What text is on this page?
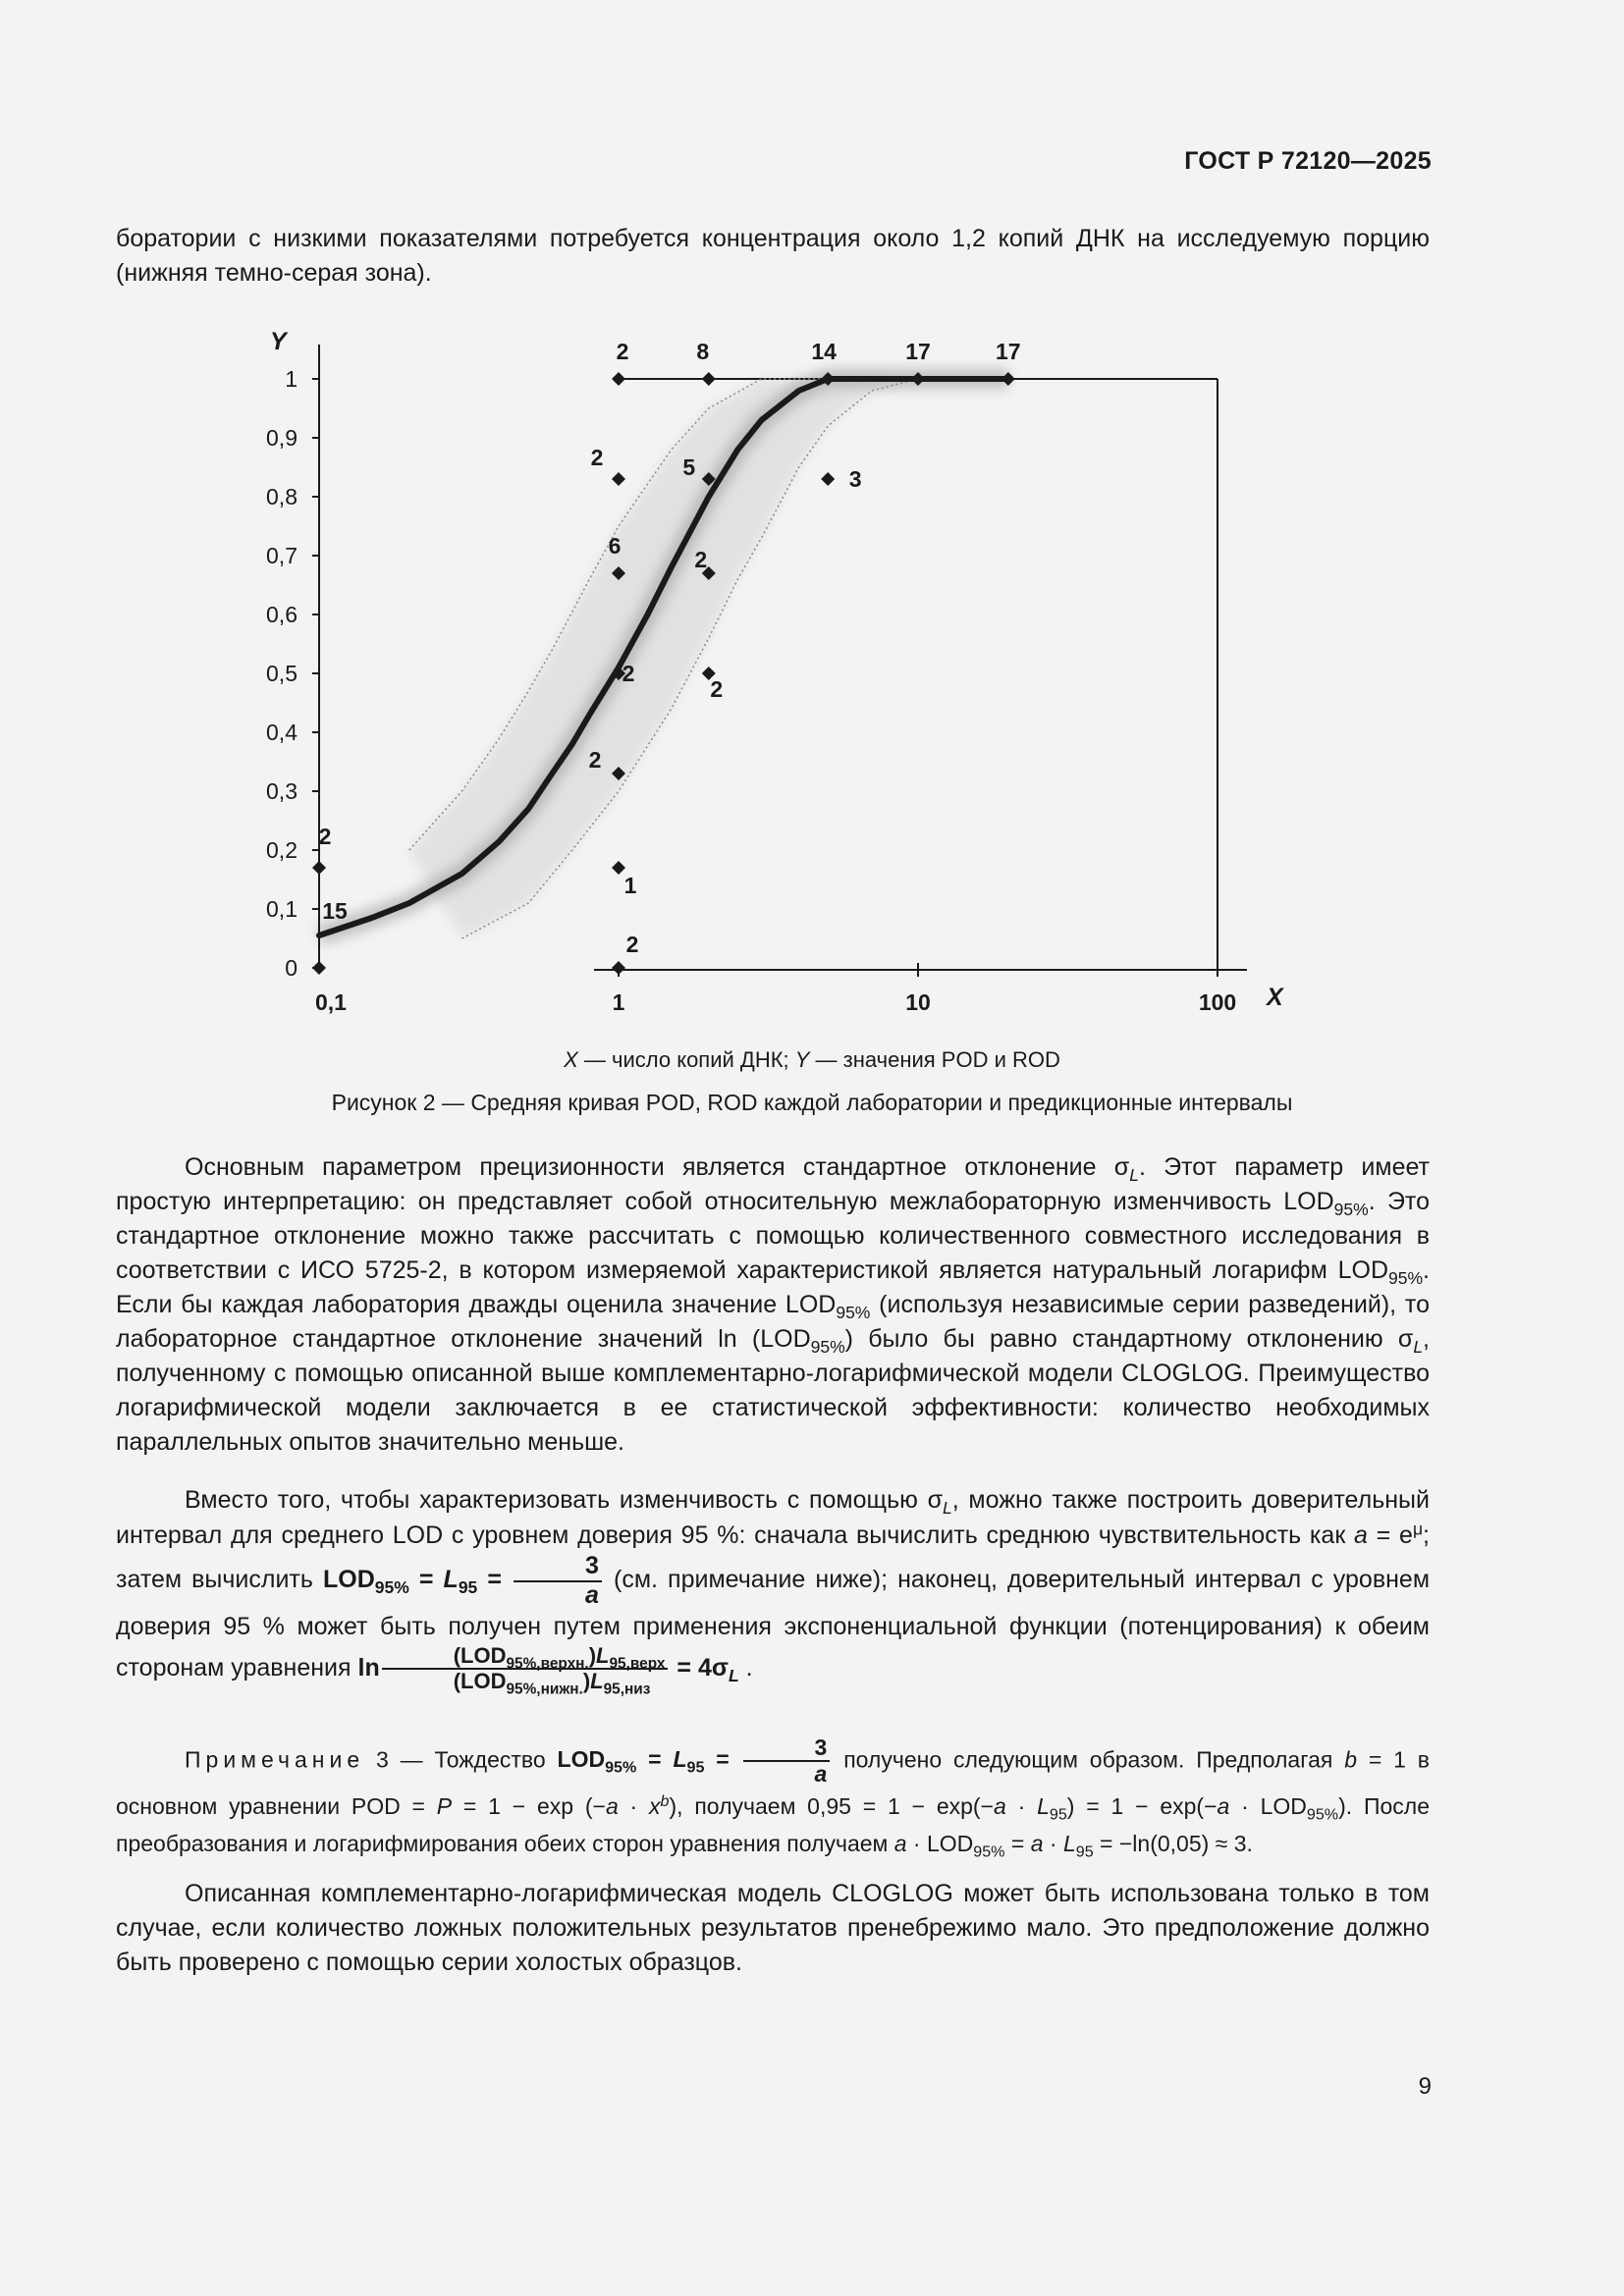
ГОСТ Р 72120—2025
боратории с низкими показателями потребуется концентрация около 1,2 копий ДНК на исследуемую порцию (нижняя темно-серая зона).
0
0,1
0,2
0,3
0,4
0,5
0,6
0,7
0,8
0,9
1
0,1	1	10	100
Y
X
15
2
2
1
2
2
6
2
2
2
2
5
8
3
14	17	17
X — число копий ДНК; Y — значения POD и ROD
Рисунок 2 — Средняя кривая POD, ROD каждой лаборатории и предикционные интервалы
Основным параметром прецизионности является стандартное отклонение $\sigma_L$. Этот параметр имеет простую интерпретацию: он представляет собой относительную межлабораторную изменчивость $LOD_{95\%}$. Это стандартное отклонение можно также рассчитать с помощью количественного совместного исследования в соответствии с ИСО 5725-2, в котором измеряемой характеристикой является натуральный логарифм $LOD_{95\%}$. Если бы каждая лаборатория дважды оценила значение $LOD_{95\%}$ (используя независимые серии разведений), то лабораторное стандартное отклонение значений $\ln (LOD_{95\%})$ было бы равно стандартному отклонению $\sigma_L$, полученному с помощью описанной выше комплементарно-логарифмической модели CLOGLOG. Преимущество логарифмической модели заключается в ее статистической эффективности: количество необходимых параллельных опытов значительно меньше.
Вместо того, чтобы характеризовать изменчивость с помощью $\sigma_L$, можно также построить доверительный интервал для среднего LOD с уровнем доверия 95 %: сначала вычислить среднюю чувствительность как $a = e^\mu$; затем вычислить $LOD_{95\%} = L_{95} = \frac{3}{a} (см$. примечание ниже); наконец, доверительный интервал с уровнем доверия 95 % может быть получен путем применения экспоненциальной функции (потенцирования) к обеим сторонам уравнения $\ln \frac{(LOD_{95\%,верхн.})L_{95,верх}}{(LOD_{95\%,нижн.})L_{95,низ}} = 4\sigma_L$ .
Примечание 3 — Тождество $LOD_{95\%} = L_{95} = \frac{3}{a}$ получено следующим образом. Предполагая b = 1 в основном уравнении POD = $P = 1 - \exp (-a \cdot x^b)$, получаем $0,95 = 1 - \exp(-a \cdot L_{95}) = 1 - \exp(-a \cdot LOD_{95\%})$. После преобразования и логарифмирования обеих сторон уравнения получаем $a \cdot LOD_{95\%} = a \cdot L_{95} = -\ln(0,05) \approx 3$.
Описанная комплементарно-логарифмическая модель CLOGLOG может быть использована только в том случае, если количество ложных положительных результатов пренебрежимо мало. Это предположение должно быть проверено с помощью серии холостых образцов.
9
